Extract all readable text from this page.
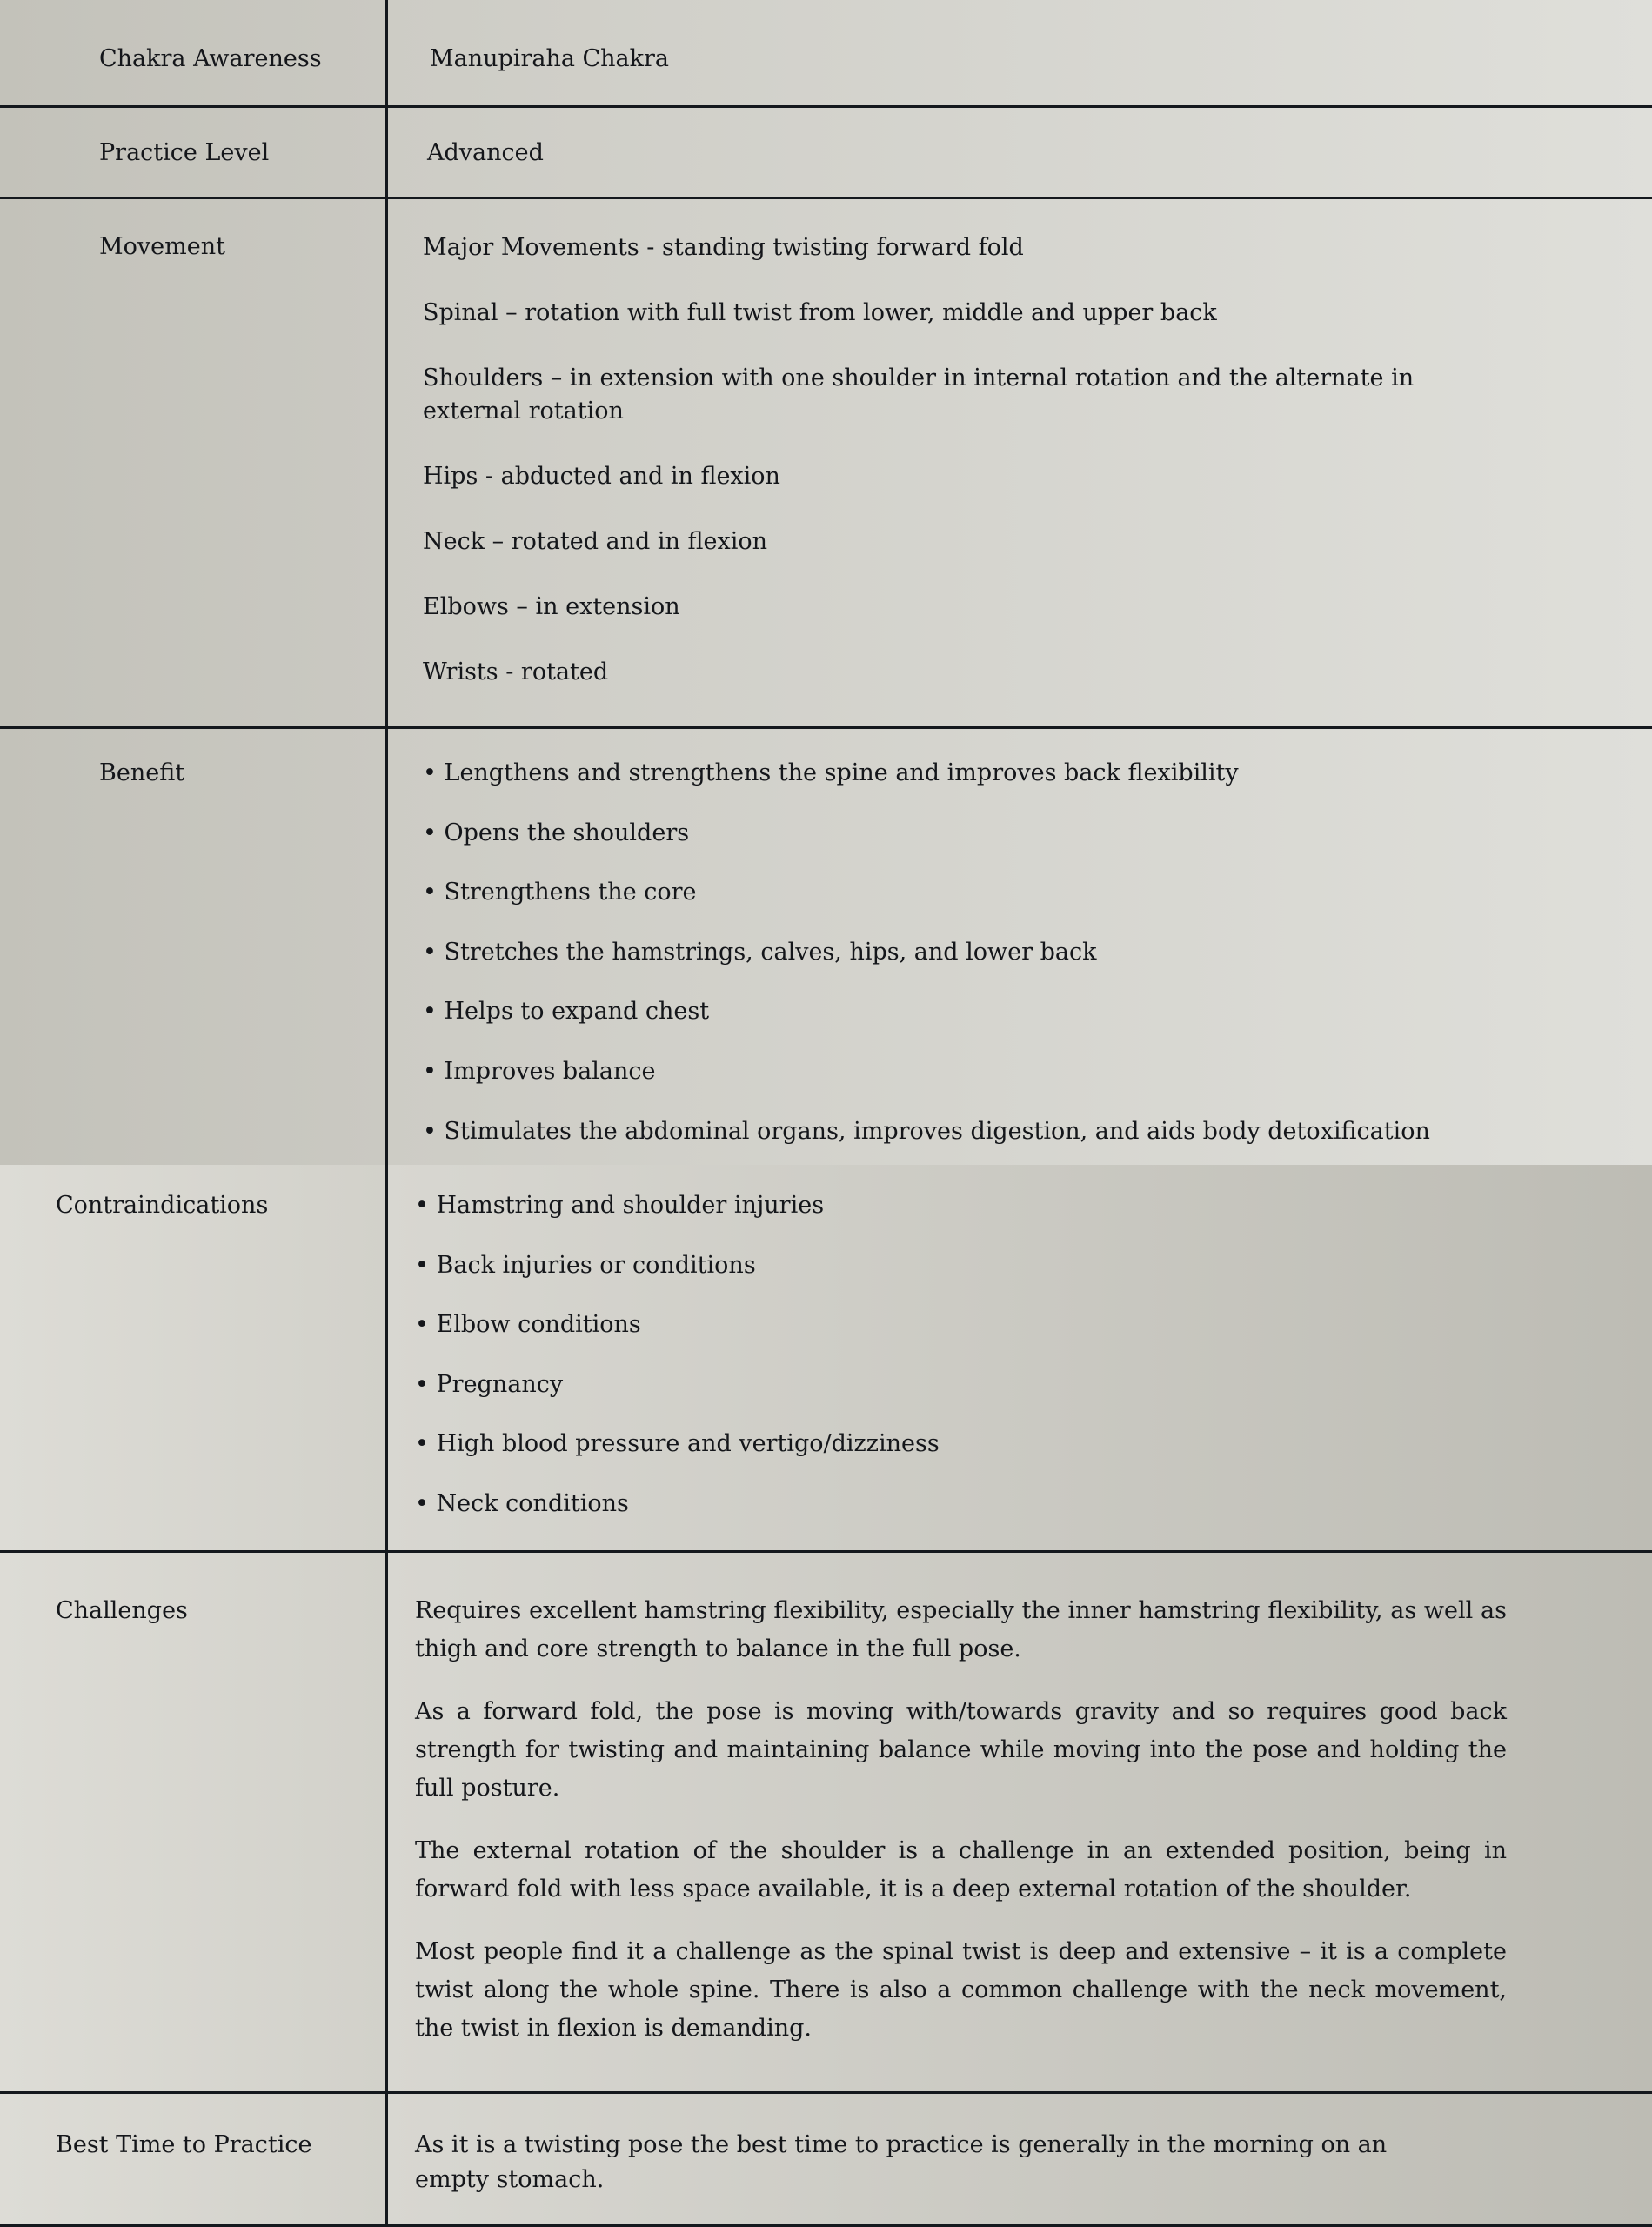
Chakra Awareness	Manupiraha Chakra
Practice Level	Advanced
Movement	Major Movements - standing twisting forward fold
Spinal – rotation with full twist from lower, middle and upper back
Shoulders – in extension with one shoulder in internal rotation and the alternate in external rotation
Hips - abducted and in flexion
Neck – rotated and in flexion
Elbows – in extension
Wrists - rotated
Benefit	• Lengthens and strengthens the spine and improves back flexibility
• Opens the shoulders
• Strengthens the core
• Stretches the hamstrings, calves, hips, and lower back
• Helps to expand chest
• Improves balance
• Stimulates the abdominal organs, improves digestion, and aids body detoxification
Contraindications	• Hamstring and shoulder injuries
• Back injuries or conditions
• Elbow conditions
• Pregnancy
• High blood pressure and vertigo/dizziness
• Neck conditions
Challenges	Requires excellent hamstring flexibility, especially the inner hamstring flexibility, as well as thigh and core strength to balance in the full pose.

As a forward fold, the pose is moving with/towards gravity and so requires good back strength for twisting and maintaining balance while moving into the pose and holding the full posture.

The external rotation of the shoulder is a challenge in an extended position, being in forward fold with less space available, it is a deep external rotation of the shoulder.

Most people find it a challenge as the spinal twist is deep and extensive – it is a complete twist along the whole spine. There is also a common challenge with the neck movement, the twist in flexion is demanding.

Best Time to Practice	As it is a twisting pose the best time to practice is generally in the morning on an empty stomach.
